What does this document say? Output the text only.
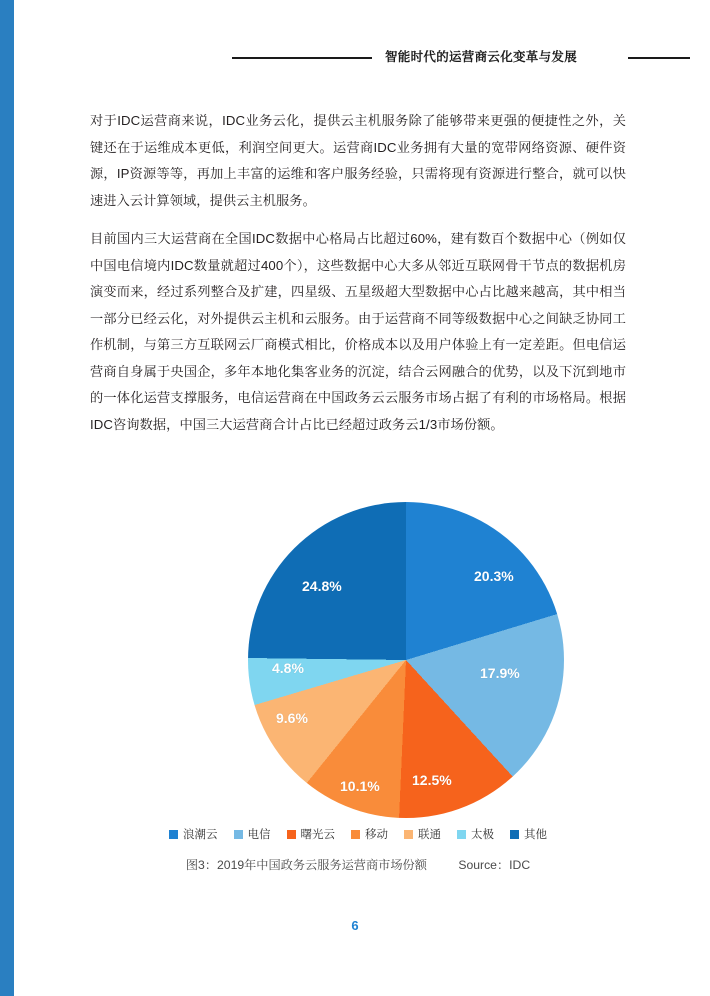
智能时代的运营商云化变革与发展

对于IDC运营商来说，IDC业务云化，提供云主机服务除了能够带来更强的便捷性之外，关键还在于运维成本更低，利润空间更大。运营商IDC业务拥有大量的宽带网络资源、硬件资源，IP资源等等，再加上丰富的运维和客户服务经验，只需将现有资源进行整合，就可以快速进入云计算领域，提供云主机服务。

目前国内三大运营商在全国IDC数据中心格局占比超过60%，建有数百个数据中心（例如仅中国电信境内IDC数量就超过400个），这些数据中心大多从邻近互联网骨干节点的数据机房演变而来，经过系列整合及扩建，四星级、五星级超大型数据中心占比越来越高，其中相当一部分已经云化，对外提供云主机和云服务。由于运营商不同等级数据中心之间缺乏协同工作机制，与第三方互联网云厂商模式相比，价格成本以及用户体验上有一定差距。但电信运营商自身属于央国企，多年本地化集客业务的沉淀，结合云网融合的优势，以及下沉到地市的一体化运营支撑服务，电信运营商在中国政务云云服务市场占据了有利的市场格局。根据IDC咨询数据，中国三大运营商合计占比已经超过政务云1/3市场份额。

20.3%
17.9%
12.5%
10.1%
9.6%
4.8%
24.8%
浪潮云	电信	曙光云	移动	联通	太极	其他
图3：2019年中国政务云服务运营商市场份额	Source：IDC
6
